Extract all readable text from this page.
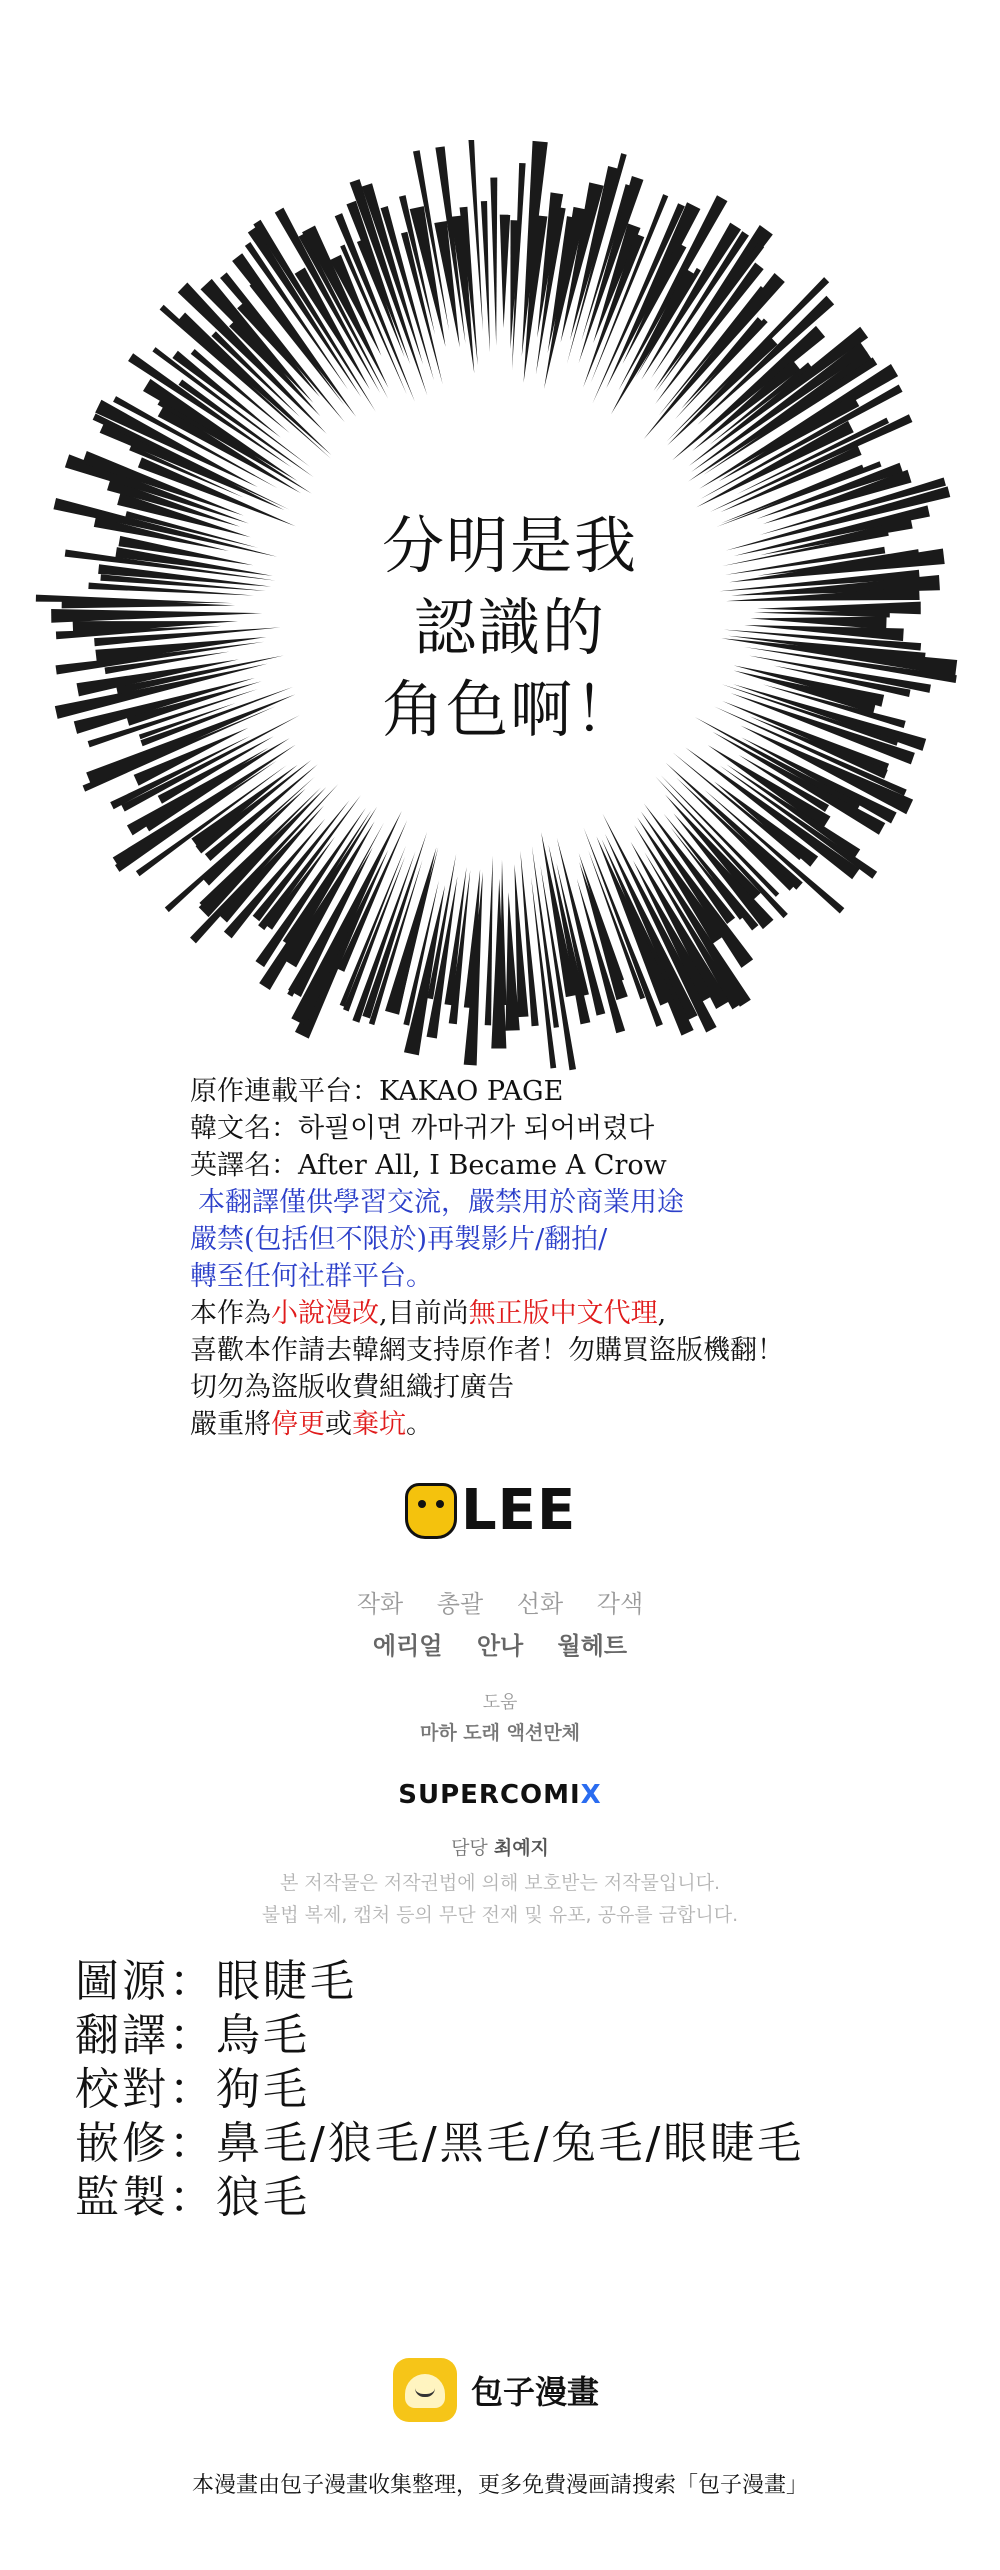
分明是我
認識的
角色啊！
原作連載平台：KAKAO PAGE
韓文名：하필이면 까마귀가 되어버렸다
英譯名：After All, I Became A Crow
本翻譯僅供學習交流，嚴禁用於商業用途
嚴禁(包括但不限於)再製影片/翻拍/
轉至任何社群平台。
本作為小說漫改,目前尚無正版中文代理,
喜歡本作請去韓網支持原作者！勿購買盜版機翻！
切勿為盜版收費組織打廣告
嚴重將停更或棄坑。
LEE
작화 총괄 선화 각색
에리얼 안나 월헤트
도움
마하 도래 액션만체
SUPERCOMIX
담당 최예지
본 저작물은 저작권법에 의해 보호받는 저작물입니다.
불법 복제, 캡처 등의 무단 전재 및 유포, 공유를 금합니다.
圖源：眼睫毛
翻譯：鳥毛
校對：狗毛
嵌修：鼻毛/狼毛/黑毛/兔毛/眼睫毛
監製：狼毛
包子漫畫
本漫畫由包子漫畫收集整理，更多免費漫画請搜索「包子漫畫」
